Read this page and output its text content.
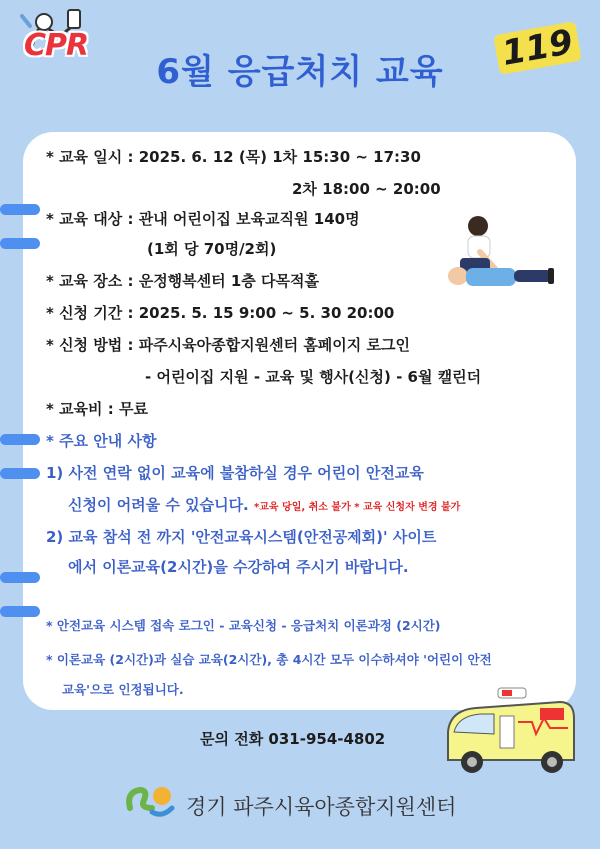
CPR	119
6월 응급처치 교육
* 교육 일시 : 2025. 6. 12 (목) 1차 15:30 ~ 17:30
2차 18:00 ~ 20:00
* 교육 대상 : 관내 어린이집 보육교직원 140명
(1회 당 70명/2회)
* 교육 장소 : 운정행복센터 1층 다목적홀
* 신청 기간 : 2025. 5. 15 9:00 ~ 5. 30 20:00
* 신청 방법 : 파주시육아종합지원센터 홈페이지 로그인
- 어린이집 지원 - 교육 및 행사(신청) - 6월 캘린더
* 교육비 : 무료
* 주요 안내 사항
1) 사전 연락 없이 교육에 불참하실 경우 어린이 안전교육
신청이 어려울 수 있습니다. *교육 당일, 취소 불가 * 교육 신청자 변경 불가
2) 교육 참석 전 까지 '안전교육시스템(안전공제회)' 사이트
에서 이론교육(2시간)을 수강하여 주시기 바랍니다.
* 안전교육 시스템 접속 로그인 - 교육신청 - 응급처치 이론과정 (2시간)
* 이론교육 (2시간)과 실습 교육(2시간), 총 4시간 모두 이수하셔야 '어린이 안전
교육'으로 인정됩니다.
문의 전화 031-954-4802
경기 파주시육아종합지원센터
